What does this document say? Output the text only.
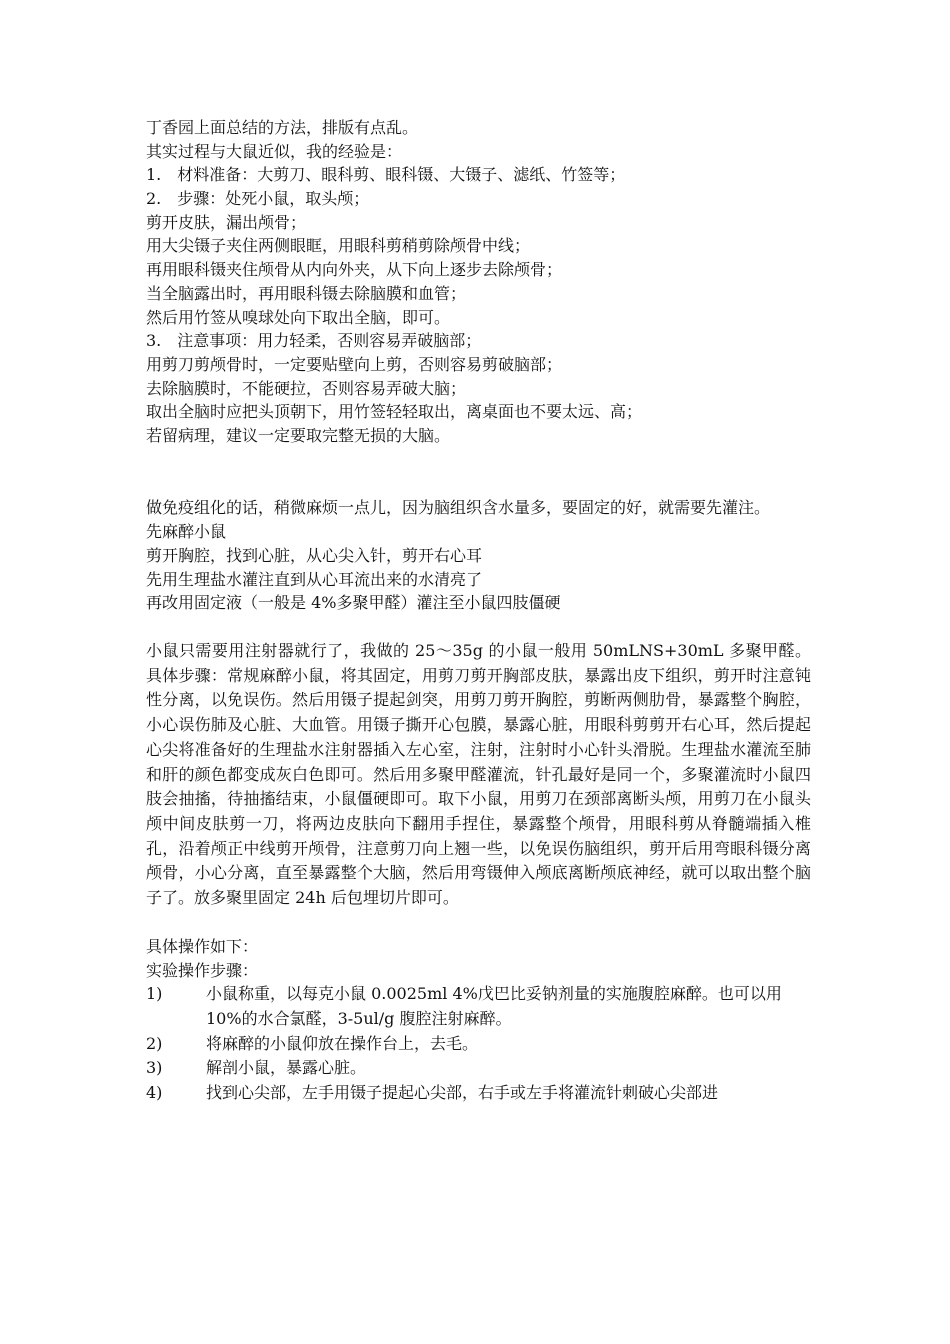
丁香园上面总结的方法，排版有点乱。
其实过程与大鼠近似，我的经验是：
1.　材料准备：大剪刀、眼科剪、眼科镊、大镊子、滤纸、竹签等；
2.　步骤：处死小鼠，取头颅；
剪开皮肤，漏出颅骨；
用大尖镊子夹住两侧眼眶，用眼科剪稍剪除颅骨中线；
再用眼科镊夹住颅骨从内向外夹，从下向上逐步去除颅骨；
当全脑露出时，再用眼科镊去除脑膜和血管；
然后用竹签从嗅球处向下取出全脑，即可。
3.　注意事项：用力轻柔，否则容易弄破脑部；
用剪刀剪颅骨时，一定要贴壁向上剪，否则容易剪破脑部；
去除脑膜时，不能硬拉，否则容易弄破大脑；
取出全脑时应把头顶朝下，用竹签轻轻取出，离桌面也不要太远、高；
若留病理，建议一定要取完整无损的大脑。
做免疫组化的话，稍微麻烦一点儿，因为脑组织含水量多，要固定的好，就需要先灌注。
先麻醉小鼠
剪开胸腔，找到心脏，从心尖入针，剪开右心耳
先用生理盐水灌注直到从心耳流出来的水清亮了
再改用固定液（一般是 4%多聚甲醛）灌注至小鼠四肢僵硬
小鼠只需要用注射器就行了，我做的 25～35g 的小鼠一般用 50mLNS+30mL 多聚甲醛。具体步骤：常规麻醉小鼠，将其固定，用剪刀剪开胸部皮肤，暴露出皮下组织，剪开时注意钝性分离，以免误伤。然后用镊子提起剑突，用剪刀剪开胸腔，剪断两侧肋骨，暴露整个胸腔，小心误伤肺及心脏、大血管。用镊子撕开心包膜，暴露心脏，用眼科剪剪开右心耳，然后提起心尖将准备好的生理盐水注射器插入左心室，注射，注射时小心针头滑脱。生理盐水灌流至肺和肝的颜色都变成灰白色即可。然后用多聚甲醛灌流，针孔最好是同一个，多聚灌流时小鼠四肢会抽搐，待抽搐结束，小鼠僵硬即可。取下小鼠，用剪刀在颈部离断头颅，用剪刀在小鼠头颅中间皮肤剪一刀，将两边皮肤向下翻用手捏住，暴露整个颅骨，用眼科剪从脊髓端插入椎孔，沿着颅正中线剪开颅骨，注意剪刀向上翘一些，以免误伤脑组织，剪开后用弯眼科镊分离颅骨，小心分离，直至暴露整个大脑，然后用弯镊伸入颅底离断颅底神经，就可以取出整个脑子了。放多聚里固定 24h 后包埋切片即可。
具体操作如下：
实验操作步骤：
1)	小鼠称重，以每克小鼠 0.0025ml 4%戊巴比妥钠剂量的实施腹腔麻醉。也可以用 10%的水合氯醛，3-5ul/g 腹腔注射麻醉。
2)	将麻醉的小鼠仰放在操作台上，去毛。
3)	解剖小鼠，暴露心脏。
4)	找到心尖部，左手用镊子提起心尖部，右手或左手将灌流针刺破心尖部进
